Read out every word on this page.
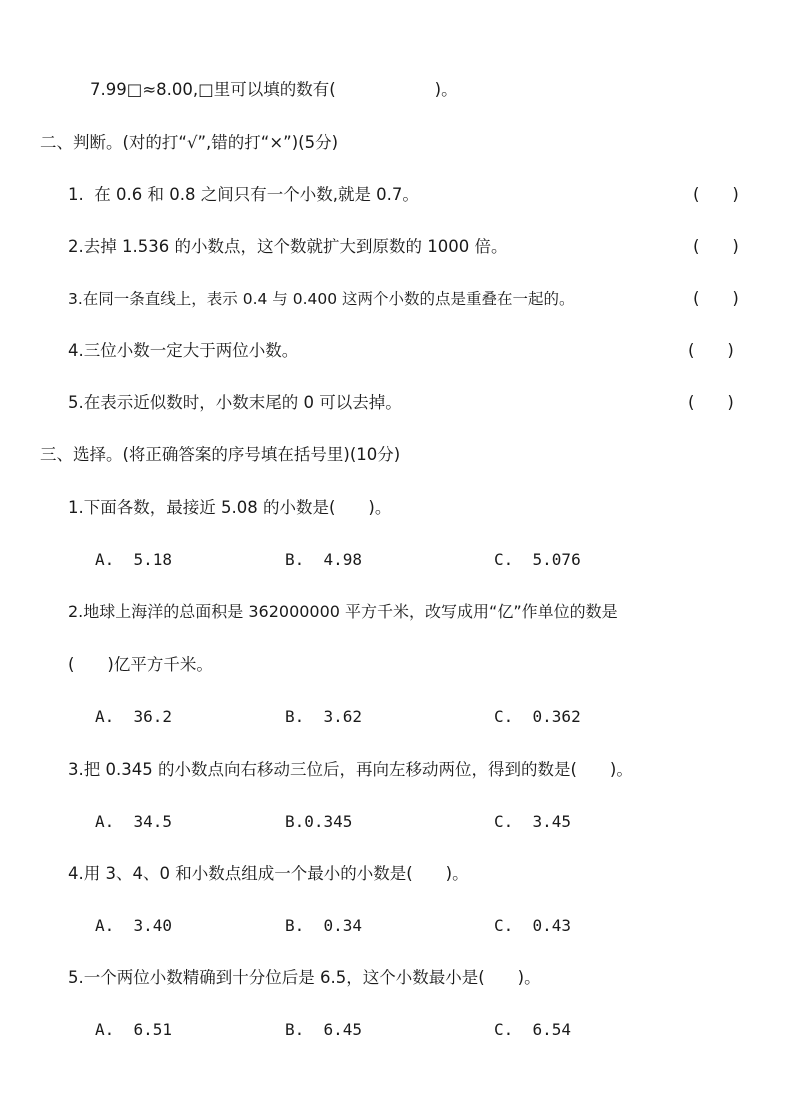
7.99□≈8.00,□里可以填的数有(　　　　　　)。
二、判断。(对的打“√”,错的打“×”)(5分)
1.  在 0.6 和 0.8 之间只有一个小数,就是 0.7。	(　　)
2.去掉 1.536 的小数点，这个数就扩大到原数的 1000 倍。	(　　)
3.在同一条直线上，表示 0.4 与 0.400 这两个小数的点是重叠在一起的。	(　　)
4.三位小数一定大于两位小数。	(　　)
5.在表示近似数时，小数末尾的 0 可以去掉。	(　　)
三、选择。(将正确答案的序号填在括号里)(10分)
1.下面各数，最接近 5.08 的小数是(　　)。
A.  5.18	B.  4.98	C.  5.076
2.地球上海洋的总面积是 362000000 平方千米，改写成用“亿”作单位的数是
(　　)亿平方千米。
A.  36.2	B.  3.62	C.  0.362
3.把 0.345 的小数点向右移动三位后，再向左移动两位，得到的数是(　　)。
A.  34.5	B.0.345	C.  3.45
4.用 3、4、0 和小数点组成一个最小的小数是(　　)。
A.  3.40	B.  0.34	C.  0.43
5.一个两位小数精确到十分位后是 6.5，这个小数最小是(　　)。
A.  6.51	B.  6.45	C.  6.54
